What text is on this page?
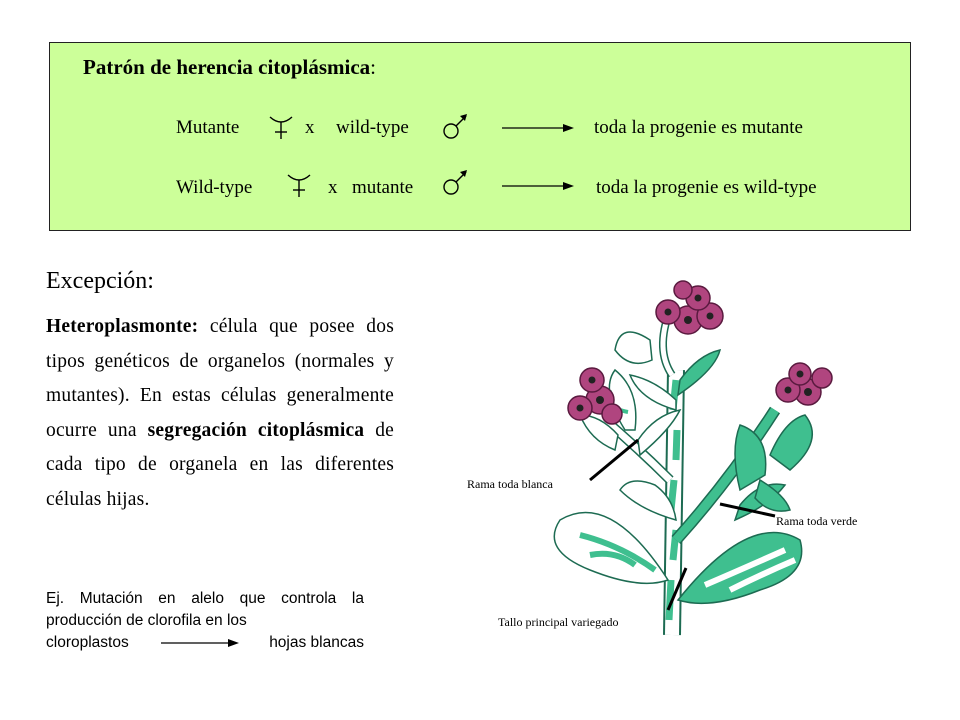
Patrón de herencia citoplásmica:
Mutante	x wild-type	toda la progenie es mutante
Wild-type	x mutante	toda la progenie es wild-type
Excepción:
Heteroplasmonte: célula que posee dos tipos genéticos de organelos (normales y mutantes). En estas células generalmente ocurre una segregación citoplásmica de cada tipo de organela en las diferentes células hijas.
Ej. Mutación en alelo que controla la producción de clorofila en los
cloroplastos	hojas blancas
Rama toda blanca
Rama toda verde
Tallo principal variegado
